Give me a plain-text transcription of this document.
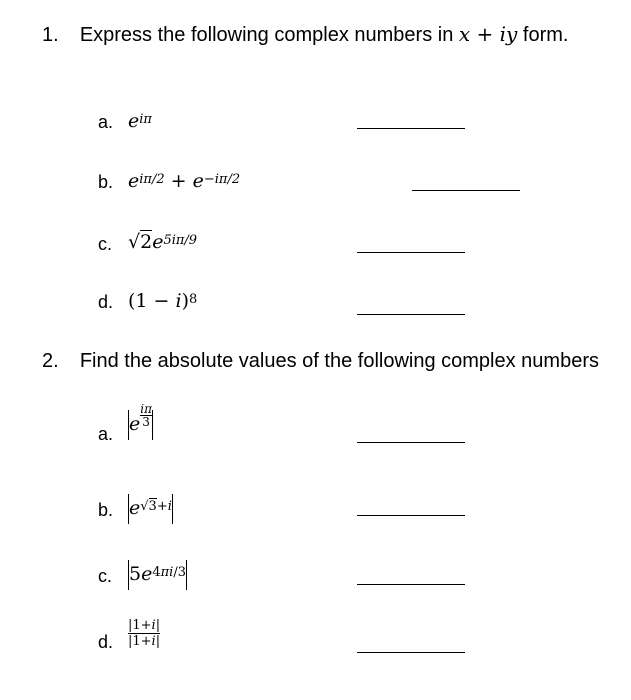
1. Express the following complex numbers in x + iy form.
a. $e^{i\pi}$
b. $e^{i\pi/2} + e^{-i\pi/2}$
c. $√2e^{5i\pi/9}$
d. $(1 - i)^8$
2. Find the absolute values of the following complex numbers
a. e $\frac{i\pi}{3}$
b. $e^{√3+i}$
c. $5e^{4\pi i/3}$
d. $\frac{|1+i|}{|1+i|}$
